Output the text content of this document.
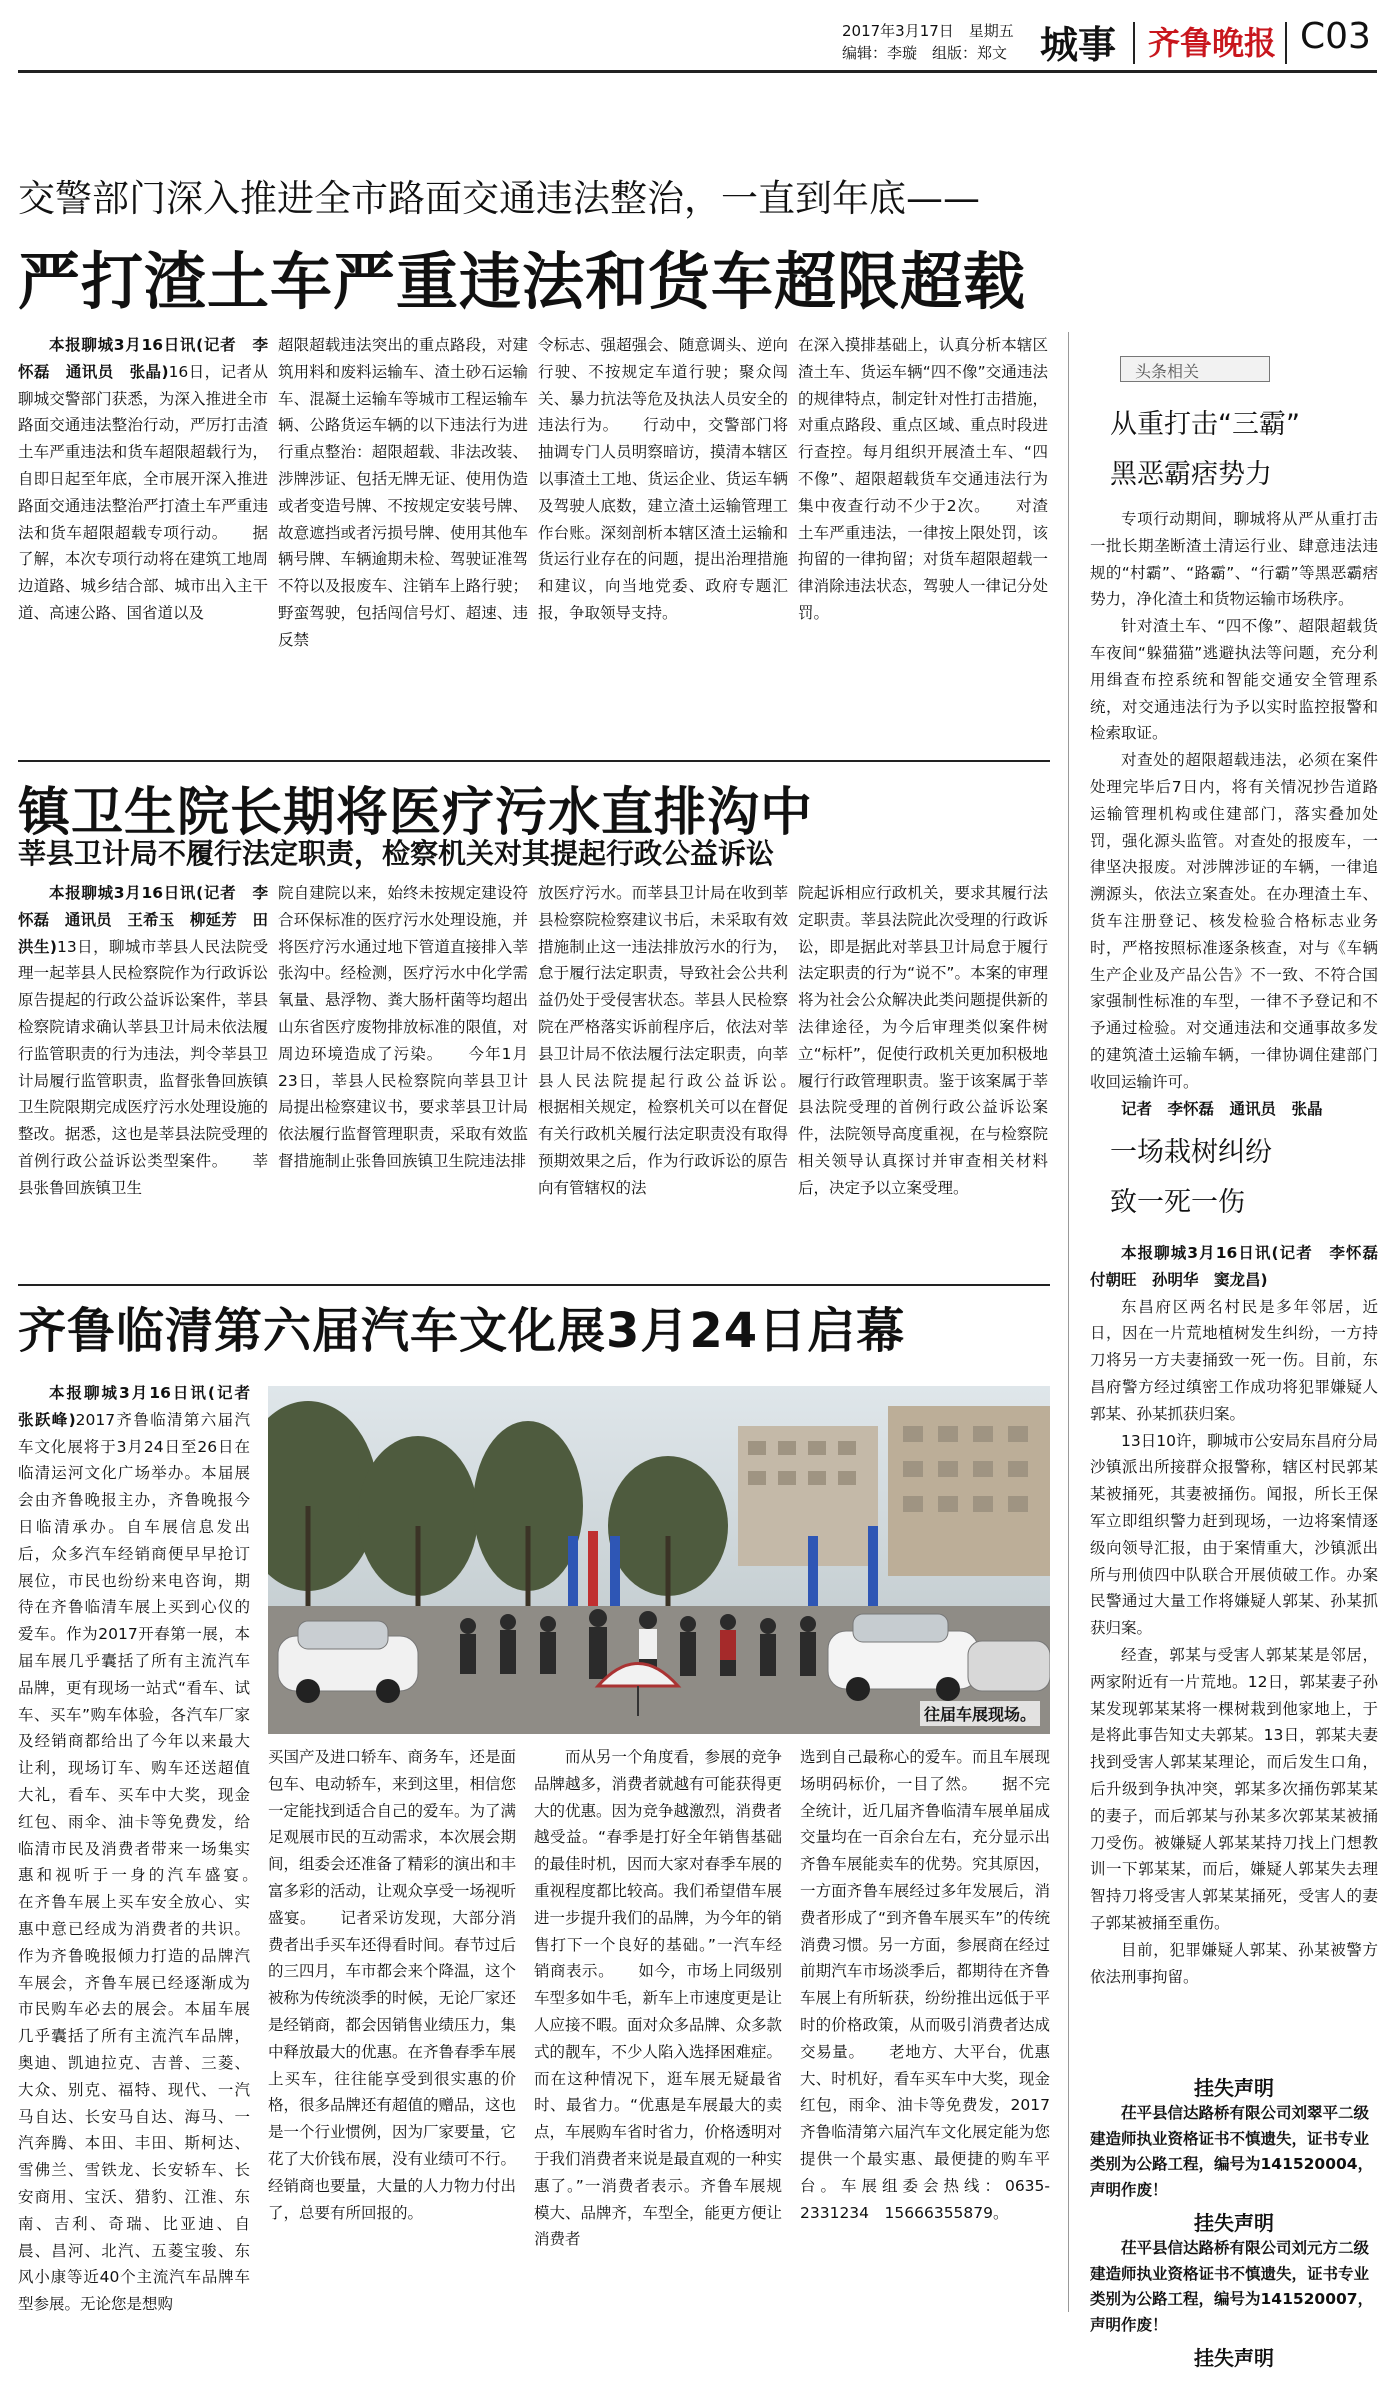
2017年3月17日　星期五
编辑：李璇　组版：郑文 城事 齐鲁晚报 C03
交警部门深入推进全市路面交通违法整治，一直到年底——
严打渣土车严重违法和货车超限超载

本报聊城3月16日讯(记者　李怀磊　通讯员　张晶)16日，记者从聊城交警部门获悉，为深入推进全市路面交通违法整治行动，严厉打击渣土车严重违法和货车超限超载行为，自即日起至年底，全市展开深入推进路面交通违法整治严打渣土车严重违法和货车超限超载专项行动。　　据了解，本次专项行动将在建筑工地周边道路、城乡结合部、城市出入主干道、高速公路、国省道以及

超限超载违法突出的重点路段，对建筑用料和废料运输车、渣土砂石运输车、混凝土运输车等城市工程运输车辆、公路货运车辆的以下违法行为进行重点整治：超限超载、非法改装、涉牌涉证、包括无牌无证、使用伪造或者变造号牌、不按规定安装号牌、故意遮挡或者污损号牌、使用其他车辆号牌、车辆逾期未检、驾驶证准驾不符以及报废车、注销车上路行驶；野蛮驾驶，包括闯信号灯、超速、违反禁

令标志、强超强会、随意调头、逆向行驶、不按规定车道行驶；聚众闯关、暴力抗法等危及执法人员安全的违法行为。　　行动中，交警部门将抽调专门人员明察暗访，摸清本辖区以事渣土工地、货运企业、货运车辆及驾驶人底数，建立渣土运输管理工作台账。深刻剖析本辖区渣土运输和货运行业存在的问题，提出治理措施和建议，向当地党委、政府专题汇报，争取领导支持。

在深入摸排基础上，认真分析本辖区渣土车、货运车辆“四不像”交通违法的规律特点，制定针对性打击措施，对重点路段、重点区域、重点时段进行查控。每月组织开展渣土车、“四不像”、超限超载货车交通违法行为集中夜查行动不少于2次。　　对渣土车严重违法，一律按上限处罚，该拘留的一律拘留；对货车超限超载一律消除违法状态，驾驶人一律记分处罚。

头条相关
从重打击“三霸”
黑恶霸痞势力

专项行动期间，聊城将从严从重打击一批长期垄断渣土清运行业、肆意违法违规的“村霸”、“路霸”、“行霸”等黑恶霸痞势力，净化渣土和货物运输市场秩序。

针对渣土车、“四不像”、超限超载货车夜间“躲猫猫”逃避执法等问题，充分利用缉查布控系统和智能交通安全管理系统，对交通违法行为予以实时监控报警和检索取证。

对查处的超限超载违法，必须在案件处理完毕后7日内，将有关情况抄告道路运输管理机构或住建部门，落实叠加处罚，强化源头监管。对查处的报废车，一律坚决报废。对涉牌涉证的车辆，一律追溯源头，依法立案查处。在办理渣土车、货车注册登记、核发检验合格标志业务时，严格按照标准逐条核查，对与《车辆生产企业及产品公告》不一致、不符合国家强制性标准的车型，一律不予登记和不予通过检验。对交通违法和交通事故多发的建筑渣土运输车辆，一律协调住建部门收回运输许可。

记者　李怀磊　通讯员　张晶

一场栽树纠纷
致一死一伤

本报聊城3月16日讯(记者　李怀磊　付朝旺　孙明华　窦龙昌)

东昌府区两名村民是多年邻居，近日，因在一片荒地植树发生纠纷，一方持刀将另一方夫妻捅致一死一伤。目前，东昌府警方经过缜密工作成功将犯罪嫌疑人郭某、孙某抓获归案。

13日10许，聊城市公安局东昌府分局沙镇派出所接群众报警称，辖区村民郭某某被捅死，其妻被捅伤。闻报，所长王保军立即组织警力赶到现场，一边将案情逐级向领导汇报，由于案情重大，沙镇派出所与刑侦四中队联合开展侦破工作。办案民警通过大量工作将嫌疑人郭某、孙某抓获归案。

经查，郭某与受害人郭某某是邻居，两家附近有一片荒地。12日，郭某妻子孙某发现郭某某将一棵树栽到他家地上，于是将此事告知丈夫郭某。13日，郭某夫妻找到受害人郭某某理论，而后发生口角，后升级到争执冲突，郭某多次捅伤郭某某的妻子，而后郭某与孙某多次郭某某被捅刀受伤。被嫌疑人郭某某持刀找上门想教训一下郭某某，而后，嫌疑人郭某失去理智持刀将受害人郭某某捅死，受害人的妻子郭某被捅至重伤。

目前，犯罪嫌疑人郭某、孙某被警方依法刑事拘留。

挂失声明
茌平县信达路桥有限公司刘翠平二级建造师执业资格证书不慎遗失，证书专业类别为公路工程，编号为141520004，声明作废！
挂失声明
茌平县信达路桥有限公司刘元方二级建造师执业资格证书不慎遗失，证书专业类别为公路工程，编号为141520007，声明作废！
挂失声明
镇卫生院长期将医疗污水直排沟中
莘县卫计局不履行法定职责，检察机关对其提起行政公益诉讼

本报聊城3月16日讯(记者　李怀磊　通讯员　王希玉　柳延芳　田洪生)13日，聊城市莘县人民法院受理一起莘县人民检察院作为行政诉讼原告提起的行政公益诉讼案件，莘县检察院请求确认莘县卫计局未依法履行监管职责的行为违法，判令莘县卫计局履行监管职责，监督张鲁回族镇卫生院限期完成医疗污水处理设施的整改。据悉，这也是莘县法院受理的首例行政公益诉讼类型案件。　　莘县张鲁回族镇卫生

院自建院以来，始终未按规定建设符合环保标准的医疗污水处理设施，并将医疗污水通过地下管道直接排入莘张沟中。经检测，医疗污水中化学需氧量、悬浮物、粪大肠杆菌等均超出山东省医疗废物排放标准的限值，对周边环境造成了污染。　　今年1月23日，莘县人民检察院向莘县卫计局提出检察建议书，要求莘县卫计局依法履行监督管理职责，采取有效监督措施制止张鲁回族镇卫生院违法排

放医疗污水。而莘县卫计局在收到莘县检察院检察建议书后，未采取有效措施制止这一违法排放污水的行为，怠于履行法定职责，导致社会公共利益仍处于受侵害状态。莘县人民检察院在严格落实诉前程序后，依法对莘县卫计局不依法履行法定职责，向莘县人民法院提起行政公益诉讼。　　根据相关规定，检察机关可以在督促有关行政机关履行法定职责没有取得预期效果之后，作为行政诉讼的原告向有管辖权的法

院起诉相应行政机关，要求其履行法定职责。莘县法院此次受理的行政诉讼，即是据此对莘县卫计局怠于履行法定职责的行为“说不”。本案的审理将为社会公众解决此类问题提供新的法律途径，为今后审理类似案件树立“标杆”，促使行政机关更加积极地履行行政管理职责。鉴于该案属于莘县法院受理的首例行政公益诉讼案件，法院领导高度重视，在与检察院相关领导认真探讨并审查相关材料后，决定予以立案受理。

齐鲁临清第六届汽车文化展3月24日启幕

本报聊城3月16日讯(记者　张跃峰)2017齐鲁临清第六届汽车文化展将于3月24日至26日在临清运河文化广场举办。本届展会由齐鲁晚报主办，齐鲁晚报今日临清承办。自车展信息发出后，众多汽车经销商便早早抢订展位，市民也纷纷来电咨询，期待在齐鲁临清车展上买到心仪的爱车。作为2017开春第一展，本届车展几乎囊括了所有主流汽车品牌，更有现场一站式“看车、试车、买车”购车体验，各汽车厂家及经销商都给出了今年以来最大让利，现场订车、购车还送超值大礼，看车、买车中大奖，现金红包、雨伞、油卡等免费发，给临清市民及消费者带来一场集实惠和视听于一身的汽车盛宴。　　在齐鲁车展上买车安全放心、实惠中意已经成为消费者的共识。作为齐鲁晚报倾力打造的品牌汽车展会，齐鲁车展已经逐渐成为市民购车必去的展会。本届车展几乎囊括了所有主流汽车品牌，奥迪、凯迪拉克、吉普、三菱、大众、别克、福特、现代、一汽马自达、长安马自达、海马、一汽奔腾、本田、丰田、斯柯达、雪佛兰、雪铁龙、长安轿车、长安商用、宝沃、猎豹、江淮、东南、吉利、奇瑞、比亚迪、自晨、昌河、北汽、五菱宝骏、东风小康等近40个主流汽车品牌车型参展。无论您是想购

往届车展现场。

买国产及进口轿车、商务车，还是面包车、电动轿车，来到这里，相信您一定能找到适合自己的爱车。为了满足观展市民的互动需求，本次展会期间，组委会还准备了精彩的演出和丰富多彩的活动，让观众享受一场视听盛宴。　　记者采访发现，大部分消费者出手买车还得看时间。春节过后的三四月，车市都会来个降温，这个被称为传统淡季的时候，无论厂家还是经销商，都会因销售业绩压力，集中释放最大的优惠。在齐鲁春季车展上买车，往往能享受到很实惠的价格，很多品牌还有超值的赠品，这也是一个行业惯例，因为厂家要量，它花了大价钱布展，没有业绩可不行。经销商也要量，大量的人力物力付出了，总要有所回报的。

而从另一个角度看，参展的竞争品牌越多，消费者就越有可能获得更大的优惠。因为竞争越激烈，消费者越受益。“春季是打好全年销售基础的最佳时机，因而大家对春季车展的重视程度都比较高。我们希望借车展进一步提升我们的品牌，为今年的销售打下一个良好的基础。”一汽车经销商表示。　　如今，市场上同级别车型多如牛毛，新车上市速度更是让人应接不暇。面对众多品牌、众多款式的靓车，不少人陷入选择困难症。而在这种情况下，逛车展无疑最省时、最省力。“优惠是车展最大的卖点，车展购车省时省力，价格透明对于我们消费者来说是最直观的一种实惠了。”一消费者表示。齐鲁车展规模大、品牌齐，车型全，能更方便让消费者

选到自己最称心的爱车。而且车展现场明码标价，一目了然。　　据不完全统计，近几届齐鲁临清车展单届成交量均在一百余台左右，充分显示出齐鲁车展能卖车的优势。究其原因，一方面齐鲁车展经过多年发展后，消费者形成了“到齐鲁车展买车”的传统消费习惯。另一方面，参展商在经过前期汽车市场淡季后，都期待在齐鲁车展上有所斩获，纷纷推出远低于平时的价格政策，从而吸引消费者达成交易量。　　老地方、大平台，优惠大、时机好，看车买车中大奖，现金红包，雨伞、油卡等免费发，2017齐鲁临清第六届汽车文化展定能为您提供一个最实惠、最便捷的购车平台。车展组委会热线：0635-2331234　15666355879。
